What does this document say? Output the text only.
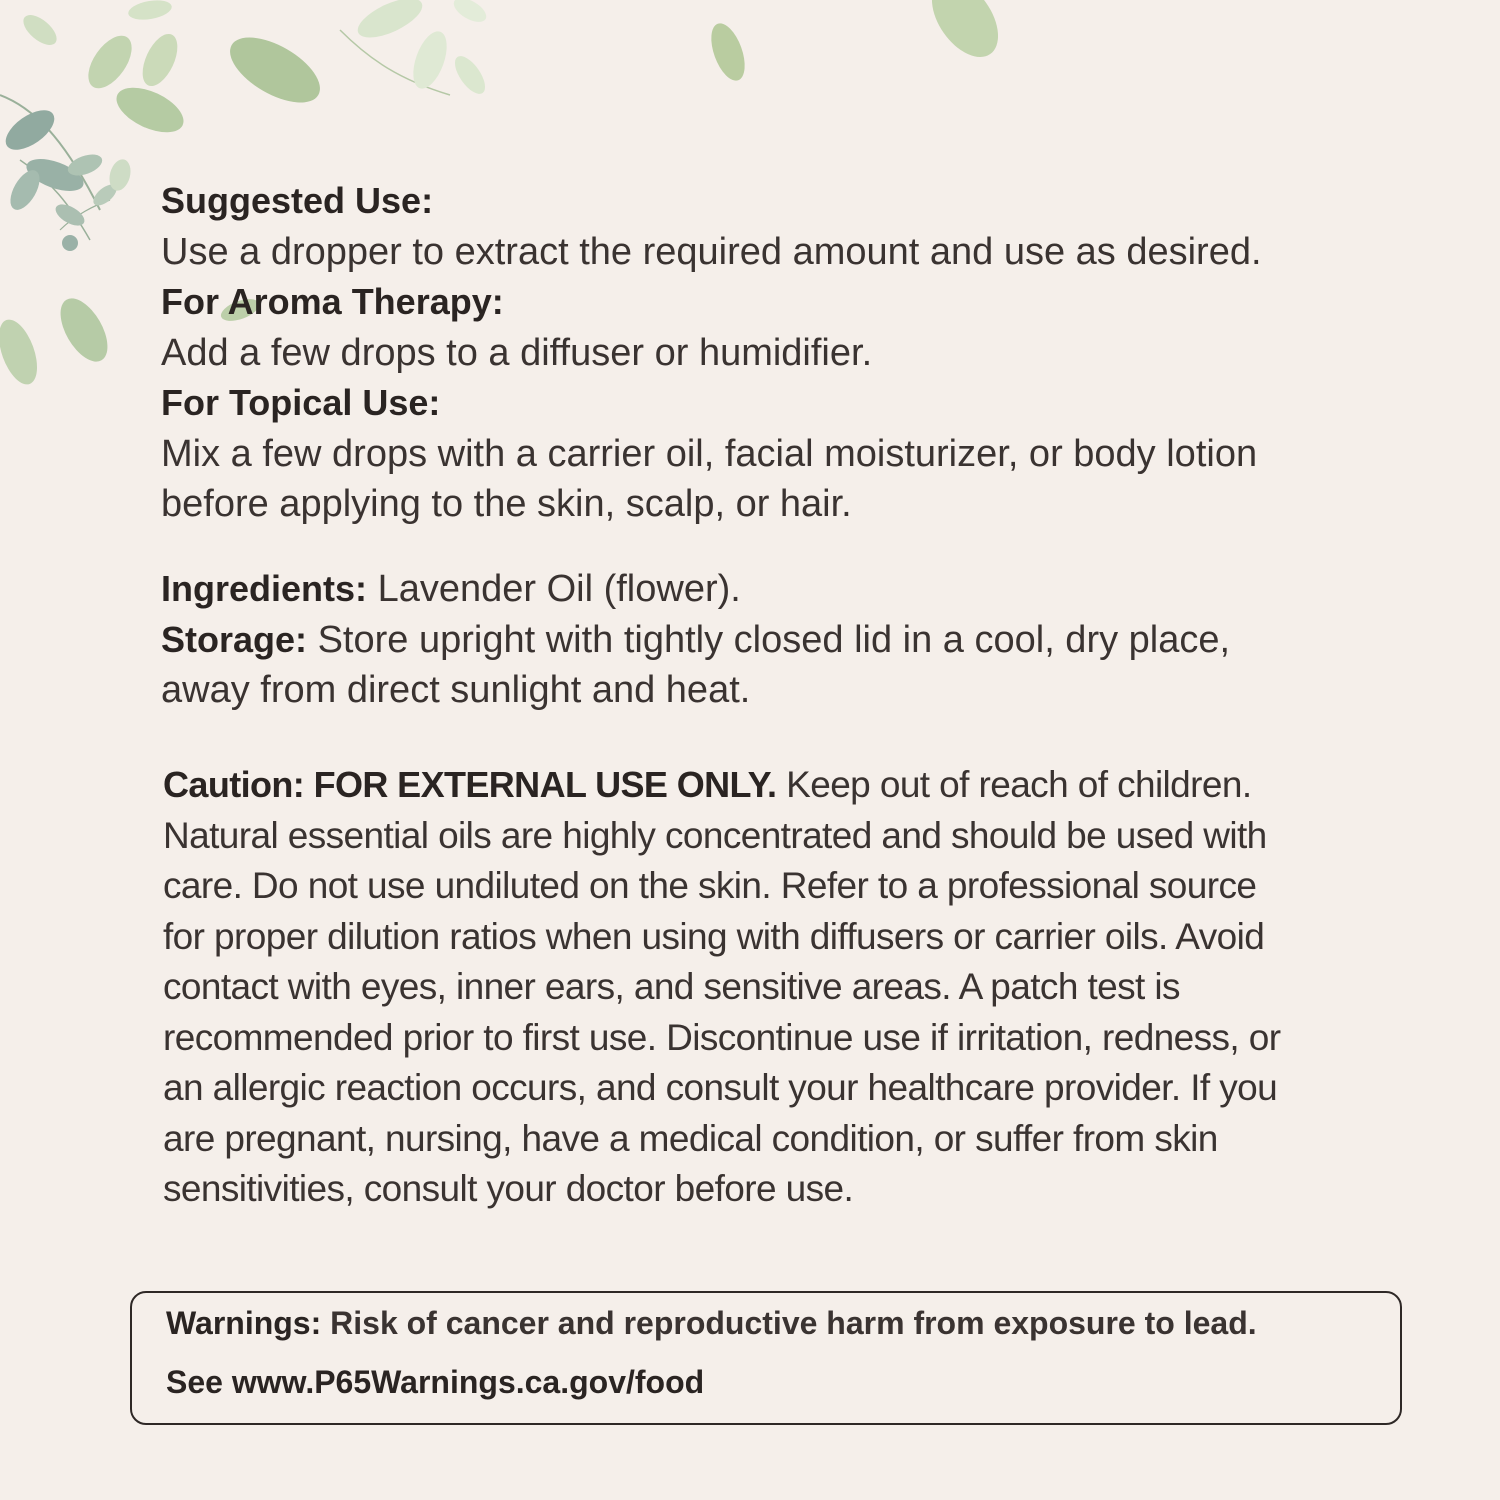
Suggested Use:
Use a dropper to extract the required amount and use as desired.
For Aroma Therapy:
Add a few drops to a diffuser or humidifier.
For Topical Use:
Mix a few drops with a carrier oil, facial moisturizer, or body lotion
before applying to the skin, scalp, or hair.
Ingredients: Lavender Oil (flower).
Storage: Store upright with tightly closed lid in a cool, dry place,
away from direct sunlight and heat.
Caution: FOR EXTERNAL USE ONLY. Keep out of reach of children.
Natural essential oils are highly concentrated and should be used with
care. Do not use undiluted on the skin. Refer to a professional source
for proper dilution ratios when using with diffusers or carrier oils. Avoid
contact with eyes, inner ears, and sensitive areas. A patch test is
recommended prior to first use. Discontinue use if irritation, redness, or
an allergic reaction occurs, and consult your healthcare provider. If you
are pregnant, nursing, have a medical condition, or suffer from skin
sensitivities, consult your doctor before use.
Warnings: Risk of cancer and reproductive harm from exposure to lead.
See www.P65Warnings.ca.gov/food
